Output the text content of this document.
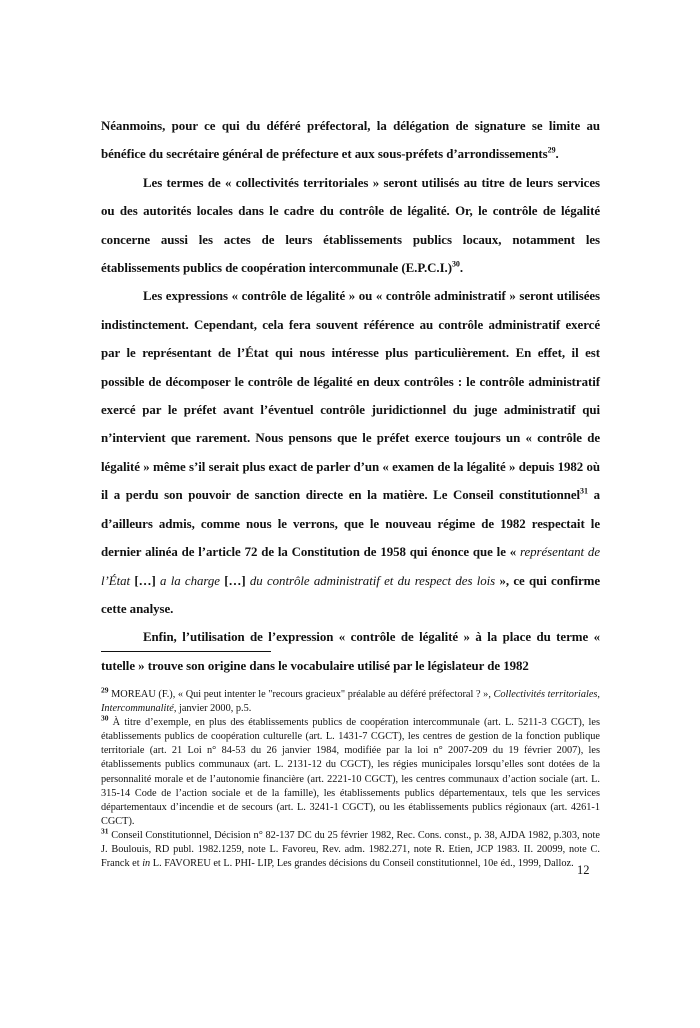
Néanmoins, pour ce qui du déféré préfectoral, la délégation de signature se limite au bénéfice du secrétaire général de préfecture et aux sous-préfets d’arrondissements$^{29}$.

Les termes de « collectivités territoriales » seront utilisés au titre de leurs services ou des autorités locales dans le cadre du contrôle de légalité. Or, le contrôle de légalité concerne aussi les actes de leurs établissements publics locaux, notamment les établissements publics de coopération intercommunale $(E.P.C.I.)^{30}$.

Les expressions « contrôle de légalité » ou « contrôle administratif » seront utilisées indistinctement. Cependant, cela fera souvent référence au contrôle administratif exercé par le représentant de l’État qui nous intéresse plus particulièrement. En effet, il est possible de décomposer le contrôle de légalité en deux contrôles : le contrôle administratif exercé par le préfet avant l’éventuel contrôle juridictionnel du juge administratif qui n’intervient que rarement. Nous pensons que le préfet exerce toujours un « contrôle de légalité » même s’il serait plus exact de parler d’un « examen de la légalité » depuis 1982 où il a perdu son pouvoir de sanction directe en la matière. Le Conseil constitutionnel$^{31}$ a d’ailleurs admis, comme nous le verrons, que le nouveau régime de 1982 respectait le dernier alinéa de l’article 72 de la Constitution de 1958 qui énonce que le « représentant de l’État […] a la charge […] du contrôle administratif et du respect des lois », ce qui confirme cette analyse.

Enfin, l’utilisation de l’expression « contrôle de légalité » à la place du terme « tutelle » trouve son origine dans le vocabulaire utilisé par le législateur de 1982

$^{29}$ MOREAU (F.), « Qui peut intenter le "recours gracieux" préalable au déféré préfectoral ? », Collectivités territoriales, Intercommunalité, janvier 2000, p.5.

$^{30}$ À titre d’exemple, en plus des établissements publics de coopération intercommunale (art. L. 5211-3 CGCT), les établissements publics de coopération culturelle (art. L. 1431-7 CGCT), les centres de gestion de la fonction publique territoriale (art. 21 Loi n° 84-53 du 26 janvier 1984, modifiée par la loi n° 2007-209 du 19 février 2007), les établissements publics communaux (art. L. 2131-12 du CGCT), les régies municipales lorsqu’elles sont dotées de la personnalité morale et de l’autonomie financière (art. 2221-10 CGCT), les centres communaux d’action sociale (art. L. 315-14 Code de l’action sociale et de la famille), les établissements publics départementaux, tels que les services départementaux d’incendie et de secours (art. L. 3241-1 CGCT), ou les établissements publics régionaux (art. 4261-1 CGCT).

$^{31}$ Conseil Constitutionnel, Décision n° 82-137 DC du 25 février 1982, Rec. Cons. const., p. 38, AJDA 1982, p.303, note J. Boulouis, RD publ. 1982.1259, note L. Favoreu, Rev. adm. 1982.271, note R. Etien, JCP 1983. II. 20099, note C. Franck et in L. FAVOREU et L. PHI- LIP, Les grandes décisions du Conseil constitutionnel, 10e éd., 1999, Dalloz. 12
